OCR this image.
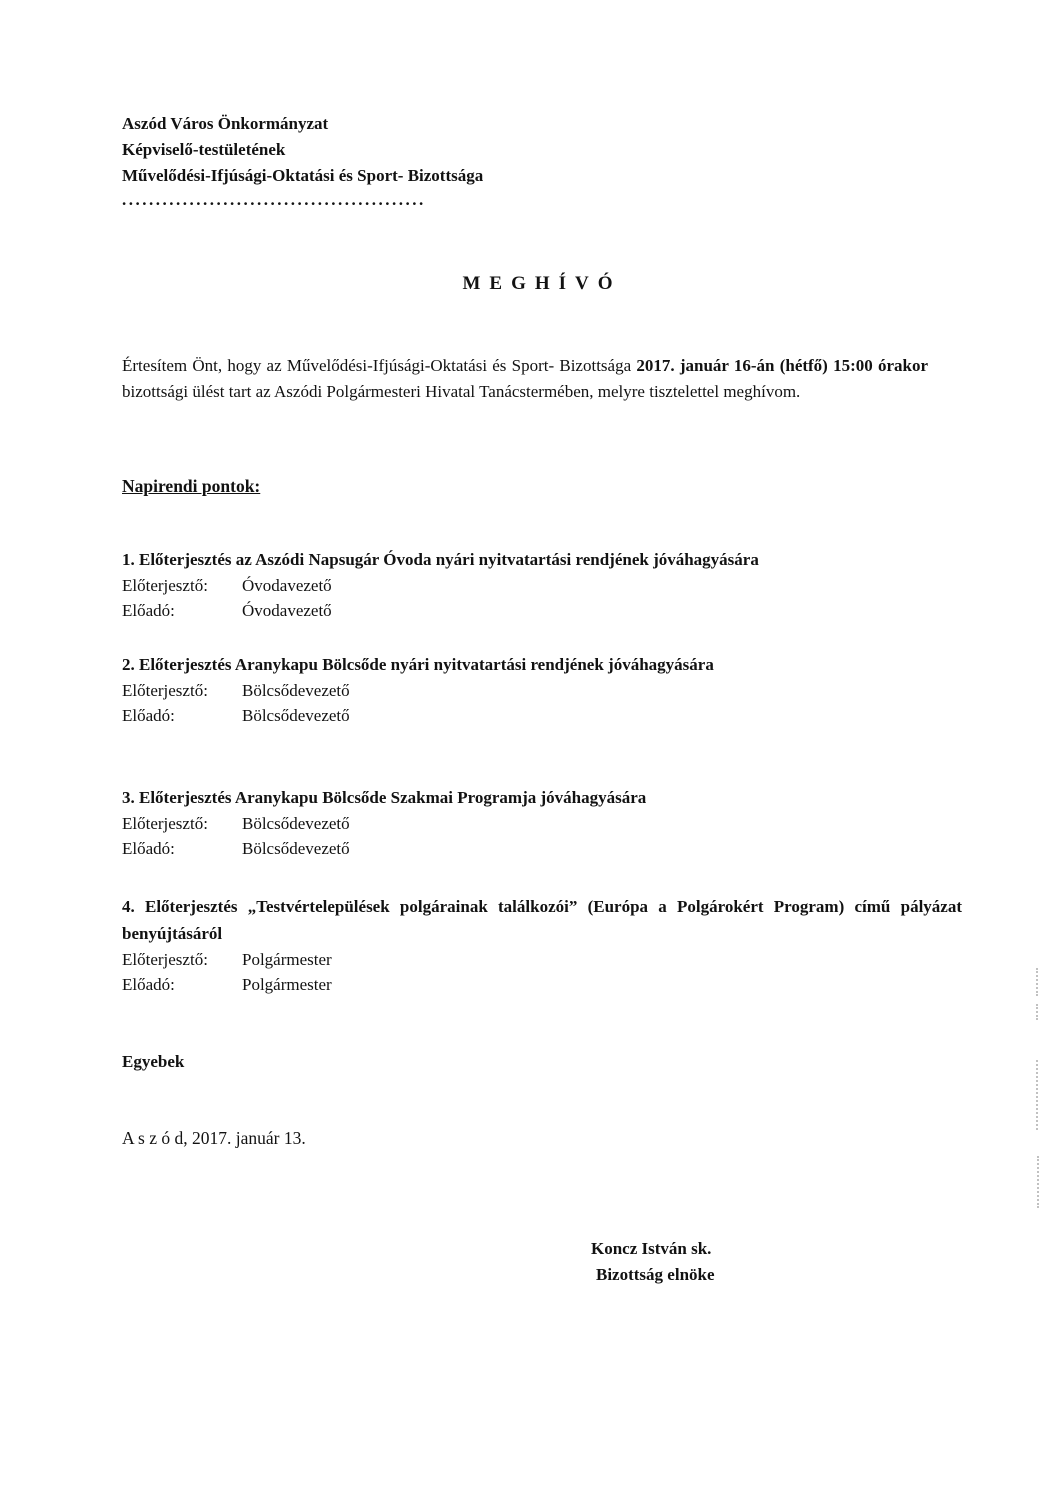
Aszód Város Önkormányzat
Képviselő-testületének
Művelődési-Ifjúsági-Oktatási és Sport- Bizottsága
.............................................
MEGHÍVÓ

Értesítem Önt, hogy az Művelődési-Ifjúsági-Oktatási és Sport- Bizottsága 2017. január 16-án (hétfő) 15:00 órakor bizottsági ülést tart az Aszódi Polgármesteri Hivatal Tanácstermében, melyre tisztelettel meghívom.

Napirendi pontok:
1. Előterjesztés az Aszódi Napsugár Óvoda nyári nyitvatartási rendjének jóváhagyására
Előterjesztő:	Óvodavezető
Előadó:	Óvodavezető
2. Előterjesztés Aranykapu Bölcsőde nyári nyitvatartási rendjének jóváhagyására
Előterjesztő:	Bölcsődevezető
Előadó:	Bölcsődevezető
3. Előterjesztés Aranykapu Bölcsőde Szakmai Programja jóváhagyására
Előterjesztő:	Bölcsődevezető
Előadó:	Bölcsődevezető
4. Előterjesztés „Testvértelepülések polgárainak találkozói” (Európa a Polgárokért Program) című pályázat benyújtásáról
Előterjesztő:	Polgármester
Előadó:	Polgármester
Egyebek
A s z ó d, 2017. január 13.
Koncz István sk.
Bizottság elnöke
